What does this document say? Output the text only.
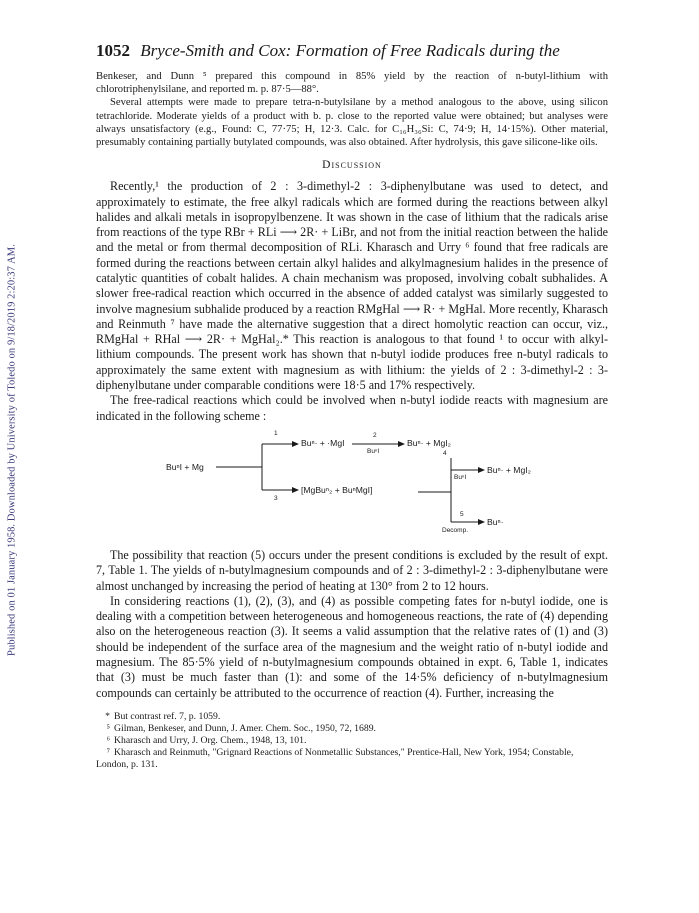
Published on 01 January 1958. Downloaded by University of Toledo on 9/18/2019 2:20:37 AM.
1052 Bryce-Smith and Cox: Formation of Free Radicals during the

Benkeser, and Dunn ⁵ prepared this compound in 85% yield by the reaction of n-butyl-lithium with chlorotriphenylsilane, and reported m. p. 87·5—88°.

Several attempts were made to prepare tetra-n-butylsilane by a method analogous to the above, using silicon tetrachloride. Moderate yields of a product with b. p. close to the reported value were obtained; but analyses were always unsatisfactory (e.g., Found: C, 77·75; H, 12·3. Calc. for C₁₆H₃₆Si: C, 74·9; H, 14·15%). Other material, presumably containing partially butylated compounds, was also obtained. After hydrolysis, this gave silicone-like oils.

Discussion

Recently,¹ the production of 2 : 3-dimethyl-2 : 3-diphenylbutane was used to detect, and approximately to estimate, the free alkyl radicals which are formed during the reactions between alkyl halides and alkali metals in isopropylbenzene. It was shown in the case of lithium that the radicals arise from reactions of the type RBr + RLi ⟶ 2R· + LiBr, and not from the initial reaction between the halide and the metal or from thermal decomposition of RLi. Kharasch and Urry ⁶ found that free radicals are formed during the reactions between certain alkyl halides and alkylmagnesium halides in the presence of catalytic quantities of cobalt halides. A chain mechanism was proposed, involving cobalt subhalides. A slower free-radical reaction which occurred in the absence of added catalyst was similarly suggested to involve magnesium subhalide produced by a reaction RMgHal ⟶ R· + MgHal. More recently, Kharasch and Reinmuth ⁷ have made the alternative suggestion that a direct homolytic reaction can occur, viz., RMgHal + RHal ⟶ 2R· + MgHal₂.* This reaction is analogous to that found ¹ to occur with alkyl-lithium compounds. The present work has shown that n-butyl iodide produces free n-butyl radicals to approximately the same extent with magnesium as with lithium: the yields of 2 : 3-dimethyl-2 : 3-diphenylbutane under comparable conditions were 18·5 and 17% respectively.

The free-radical reactions which could be involved when n-butyl iodide reacts with magnesium are indicated in the following scheme :

BuⁿI + Mg
Buⁿ· + ·MgI	Buⁿ· + MgI₂
[MgBuⁿ₂ + BuⁿMgI]
Buⁿ· + MgI₂
Buⁿ·
1	2
BuⁿI	4
BuⁿI
3
5
Decomp.

The possibility that reaction (5) occurs under the present conditions is excluded by the result of expt. 7, Table 1. The yields of n-butylmagnesium compounds and of 2 : 3-dimethyl-2 : 3-diphenylbutane were almost unchanged by increasing the period of heating at 130° from 2 to 12 hours.

In considering reactions (1), (2), (3), and (4) as possible competing fates for n-butyl iodide, one is dealing with a competition between heterogeneous and homogeneous reactions, the rate of (4) depending also on the heterogeneous reaction (3). It seems a valid assumption that the relative rates of (1) and (3) should be independent of the surface area of the magnesium and the weight ratio of n-butyl iodide and magnesium. The 85·5% yield of n-butylmagnesium compounds obtained in expt. 6, Table 1, indicates that (3) must be much faster than (1): and some of the 14·5% deficiency of n-butylmagnesium compounds can certainly be attributed to the occurrence of reaction (4). Further, increasing the

* But contrast ref. 7, p. 1059.

⁵ Gilman, Benkeser, and Dunn, J. Amer. Chem. Soc., 1950, 72, 1689.

⁶ Kharasch and Urry, J. Org. Chem., 1948, 13, 101.

⁷ Kharasch and Reinmuth, "Grignard Reactions of Nonmetallic Substances," Prentice-Hall, New York, 1954; Constable, London, p. 131.
